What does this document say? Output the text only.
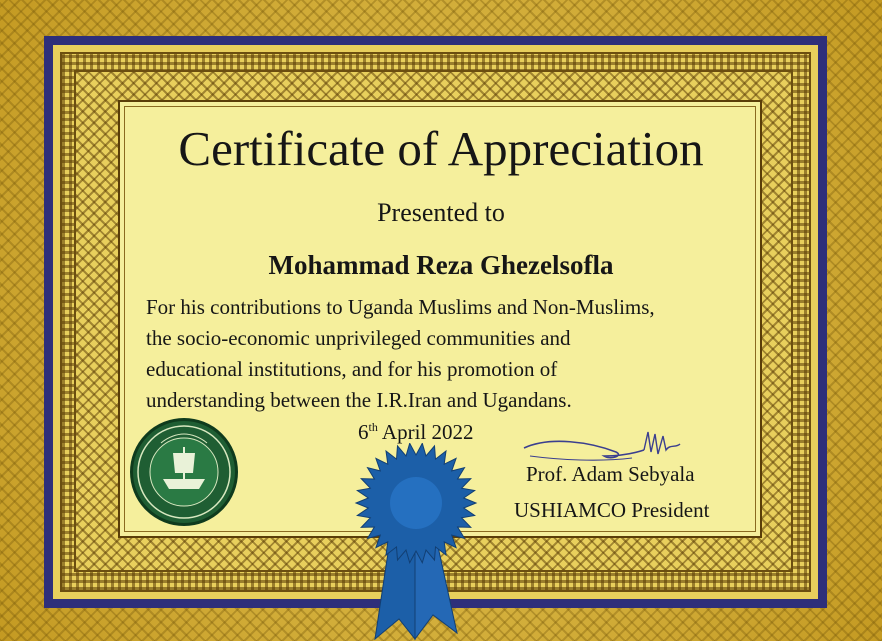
Certificate of Appreciation
Presented to
Mohammad Reza Ghezelsofla
For his contributions to Uganda Muslims and Non-Muslims,
the socio-economic unprivileged communities and
educational institutions, and for his promotion of
understanding between the I.R.Iran and Ugandans.
6th April 2022
Prof. Adam Sebyala
USHIAMCO President
